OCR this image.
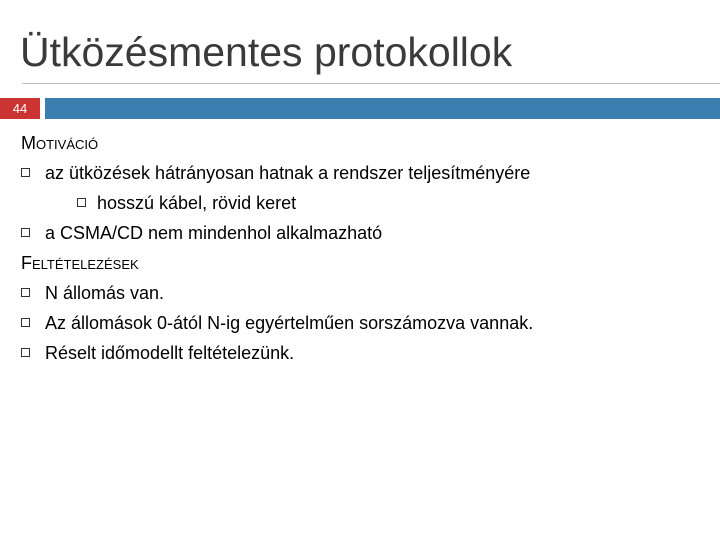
Ütközésmentes protokollok
44
MOTIVÁCIÓ
az ütközések hátrányosan hatnak a rendszer teljesítményére
hosszú kábel, rövid keret
a CSMA/CD nem mindenhol alkalmazható
FELTÉTELEZÉSEK
N állomás van.
Az állomások 0-ától N-ig egyértelműen sorszámozva vannak.
Réselt időmodellt feltételezünk.
